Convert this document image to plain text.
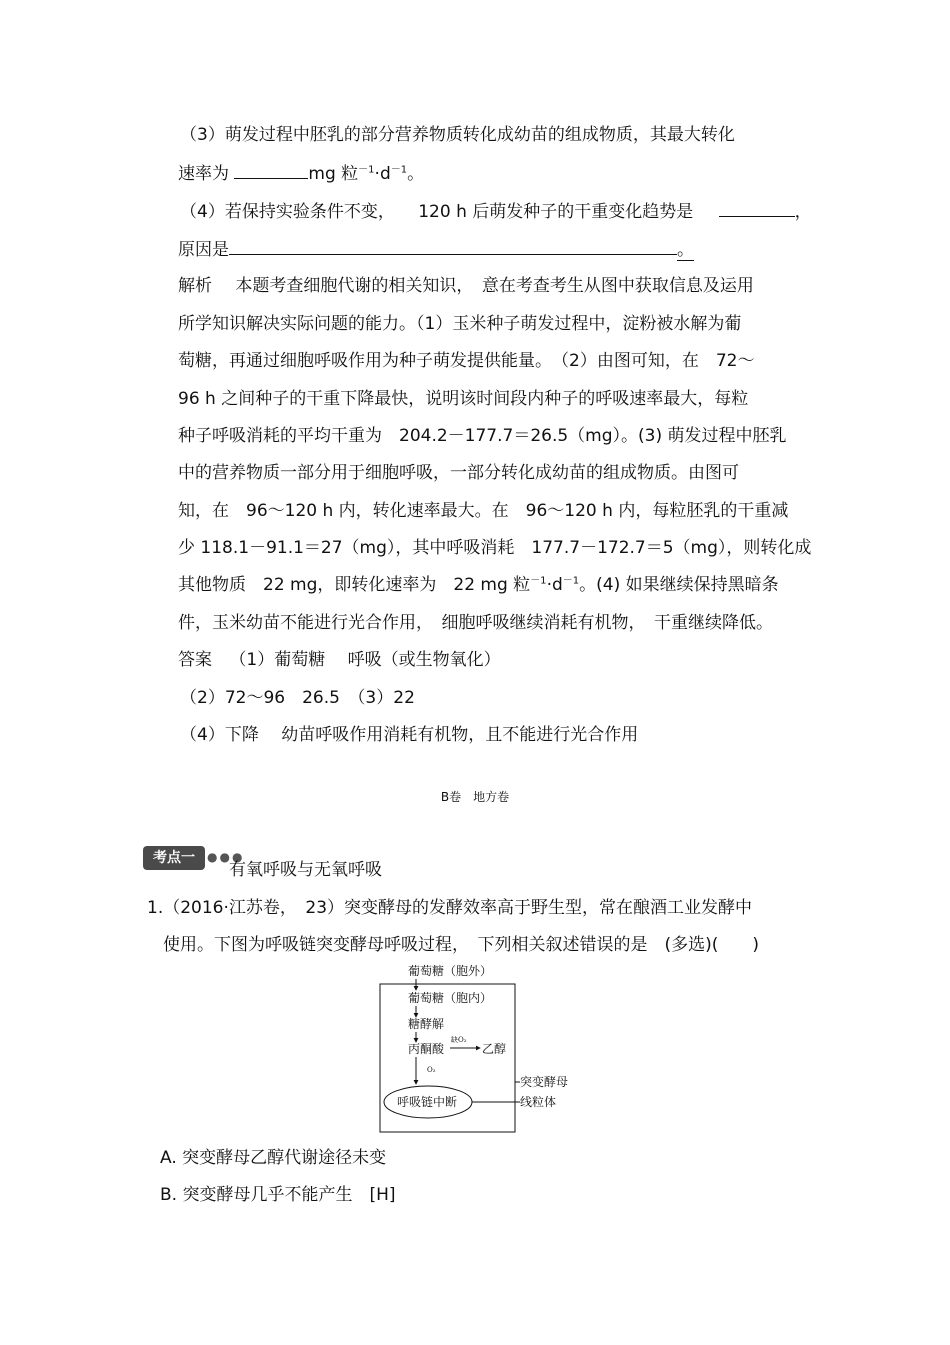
（3）萌发过程中胚乳的部分营养物质转化成幼苗的组成物质，其最大转化
速率为	mg 粒$^{-1}\cdot d^{-1}$。
（4）若保持实验条件不变， 120 h 后萌发种子的干重变化趋势是	，
原因是	。
解析 本题考查细胞代谢的相关知识，　意在考查考生从图中获取信息及运用
所学知识解决实际问题的能力。（1）玉米种子萌发过程中，淀粉被水解为葡
萄糖，再通过细胞呼吸作用为种子萌发提供能量。　（2）由图可知，在　72～
96 h 之间种子的干重下降最快，说明该时间段内种子的呼吸速率最大，每粒
种子呼吸消耗的平均干重为　204.2－177.7＝26.5（mg）。(3) 萌发过程中胚乳
中的营养物质一部分用于细胞呼吸，一部分转化成幼苗的组成物质。由图可
知，在　96～120 h 内，转化速率最大。在　96～120 h 内，每粒胚乳的干重减
少 118.1－91.1＝27（mg），其中呼吸消耗　177.7－172.7＝5（mg），则转化成
其他物质　22 mg，即转化速率为　22 mg 粒$^{-1}\cdot d^{-1}$。(4) 如果继续保持黑暗条
件，玉米幼苗不能进行光合作用，　细胞呼吸继续消耗有机物，　干重继续降低。
答案 （1）葡萄糖　 呼吸（或生物氧化）
（2）72～96　26.5　（3）22
（4）下降　 幼苗呼吸作用消耗有机物，且不能进行光合作用
B卷　地方卷
考点一	●●●
有氧呼吸与无氧呼吸
1.（2016·江苏卷，　23）突变酵母的发酵效率高于野生型，常在酿酒工业发酵中
使用。下图为呼吸链突变酵母呼吸过程，　下列相关叙述错误的是　(多选)(　　)
葡萄糖（胞外）
葡萄糖（胞内）
糖酵解
丙酮酸
缺O₂
乙醇
O₂
呼吸链中断
突变酵母
线粒体
A. 突变酵母乙醇代谢途径未变
B. 突变酵母几乎不能产生　[H]
